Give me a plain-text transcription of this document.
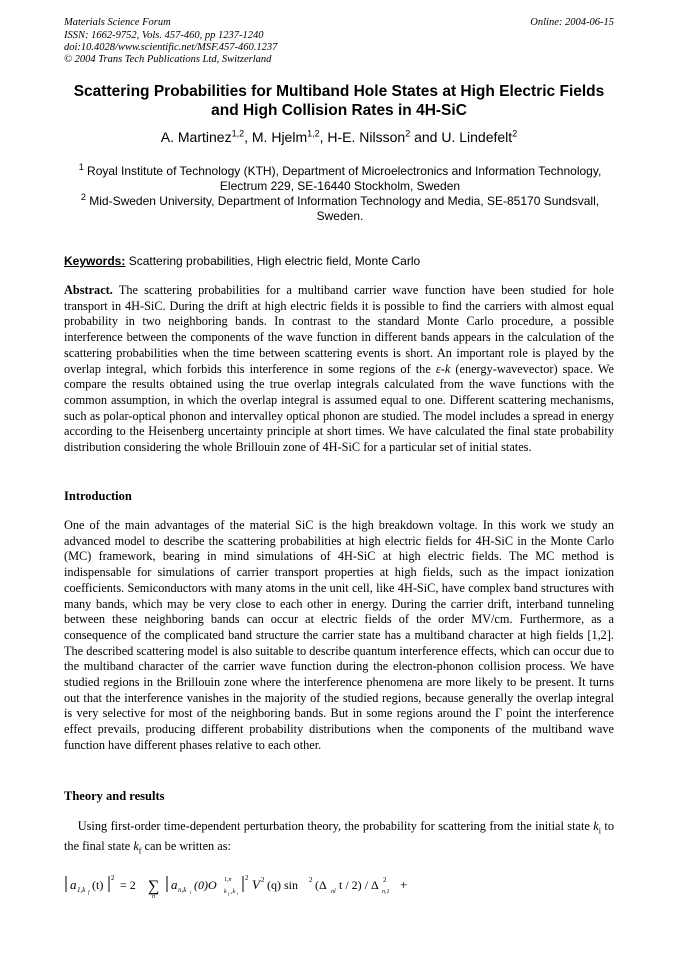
Materials Science Forum	Online: 2004-06-15
ISSN: 1662-9752, Vols. 457-460, pp 1237-1240
doi:10.4028/www.scientific.net/MSF.457-460.1237
© 2004 Trans Tech Publications Ltd, Switzerland
Scattering Probabilities for Multiband Hole States at High Electric Fields
and High Collision Rates in 4H-SiC
A. Martinez$^{1,2}$, M. Hjelm$^{1,2}$, H-E. Nilsson$^2$ and U. Lindefelt$^2$
$^1$ Royal Institute of Technology (KTH), Department of Microelectronics and Information Technology, Electrum 229, SE-16440 Stockholm, Sweden
$^2$ Mid-Sweden University, Department of Information Technology and Media, SE-85170 Sundsvall, Sweden.
Keywords: Scattering probabilities, High electric field, Monte Carlo
Abstract. The scattering probabilities for a multiband carrier wave function have been studied for hole transport in 4H-SiC. During the drift at high electric fields it is possible to find the carriers with almost equal probability in two neighboring bands. In contrast to the standard Monte Carlo procedure, a possible interference between the components of the wave function in different bands appears in the calculation of the scattering probabilities when the time between scattering events is short. An important role is played by the overlap integral, which forbids this interference in some regions of the ε-k (energy-wavevector) space. We compare the results obtained using the true overlap integrals calculated from the wave functions with the common assumption, in which the overlap integral is assumed equal to one. Different scattering mechanisms, such as polar-optical phonon and intervalley optical phonon are studied. The model includes a spread in energy according to the Heisenberg uncertainty principle at short times. We have calculated the final state probability distribution considering the whole Brillouin zone of 4H-SiC for a particular set of initial states.
Introduction
One of the main advantages of the material SiC is the high breakdown voltage. In this work we study an advanced model to describe the scattering probabilities at high electric fields for 4H-SiC in the Monte Carlo (MC) framework, bearing in mind simulations of 4H-SiC at high electric fields. The MC method is indispensable for simulations of carrier transport properties at high fields, such as the impact ionization coefficients. Semiconductors with many atoms in the unit cell, like 4H-SiC, have complex band structures with many bands, which may be very close to each other in energy. During the carrier drift, interband tunneling between these neighboring bands can occur at electric fields of the order MV/cm. Furthermore, as a consequence of the complicated band structure the carrier state has a multiband character at high fields [1,2]. The described scattering model is also suitable to describe quantum interference effects, which can occur due to the multiband character of the carrier wave function during the electron-phonon collision process. We have studied regions in the Brillouin zone where the interference phenomena are more likely to be present. It turns out that the interference vanishes in the majority of the studied regions, because generally the overlap integral is very selective for most of the neighboring bands. But in some regions around the Γ point the interference effect prevails, producing different probability distributions when the components of the multiband wave function have different phases relative to each other.
Theory and results
Using first-order time-dependent perturbation theory, the probability for scattering from the initial state $k_i$ to the final state $k_f$ can be written as:
a 1,k f
(t) 2 = 2 ∑
n
a n,k i
(0)O 1,n
k f ,k i
2 V 2 (q) sin 2 (Δ nl t / 2) / Δ 2
n,1 +
